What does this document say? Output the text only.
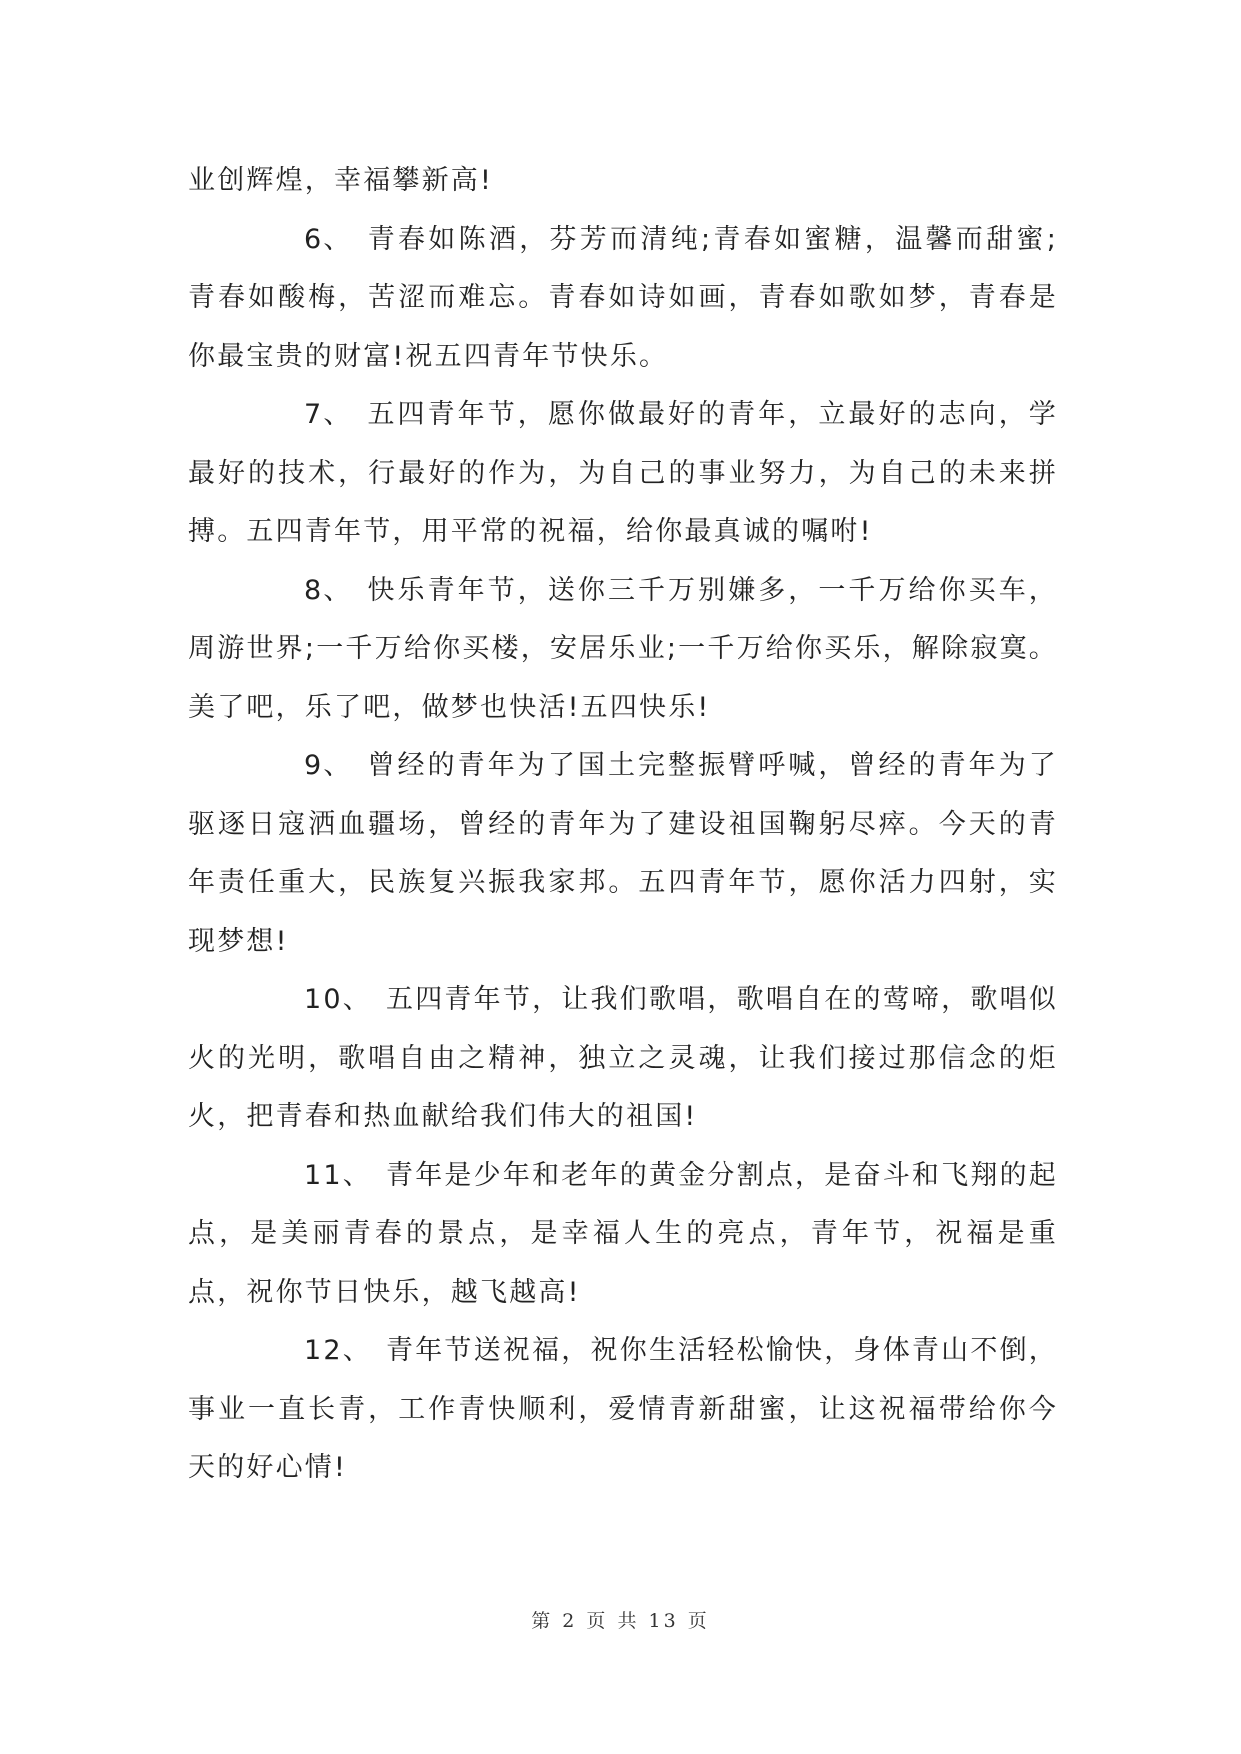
业创辉煌，幸福攀新高!

6、 青春如陈酒，芬芳而清纯;青春如蜜糖，温馨而甜蜜;青春如酸梅，苦涩而难忘。青春如诗如画，青春如歌如梦，青春是你最宝贵的财富!祝五四青年节快乐。

7、 五四青年节，愿你做最好的青年，立最好的志向，学最好的技术，行最好的作为，为自己的事业努力，为自己的未来拼搏。五四青年节，用平常的祝福，给你最真诚的嘱咐!

8、 快乐青年节，送你三千万别嫌多，一千万给你买车，周游世界;一千万给你买楼，安居乐业;一千万给你买乐，解除寂寞。美了吧，乐了吧，做梦也快活!五四快乐!

9、 曾经的青年为了国土完整振臂呼喊，曾经的青年为了驱逐日寇洒血疆场，曾经的青年为了建设祖国鞠躬尽瘁。今天的青年责任重大，民族复兴振我家邦。五四青年节，愿你活力四射，实现梦想!

10、 五四青年节，让我们歌唱，歌唱自在的莺啼，歌唱似火的光明，歌唱自由之精神，独立之灵魂，让我们接过那信念的炬火，把青春和热血献给我们伟大的祖国!

11、 青年是少年和老年的黄金分割点，是奋斗和飞翔的起点，是美丽青春的景点，是幸福人生的亮点，青年节，祝福是重点，祝你节日快乐，越飞越高!

12、 青年节送祝福，祝你生活轻松愉快，身体青山不倒，事业一直长青，工作青快顺利，爱情青新甜蜜，让这祝福带给你今天的好心情!

第 2 页 共 13 页
